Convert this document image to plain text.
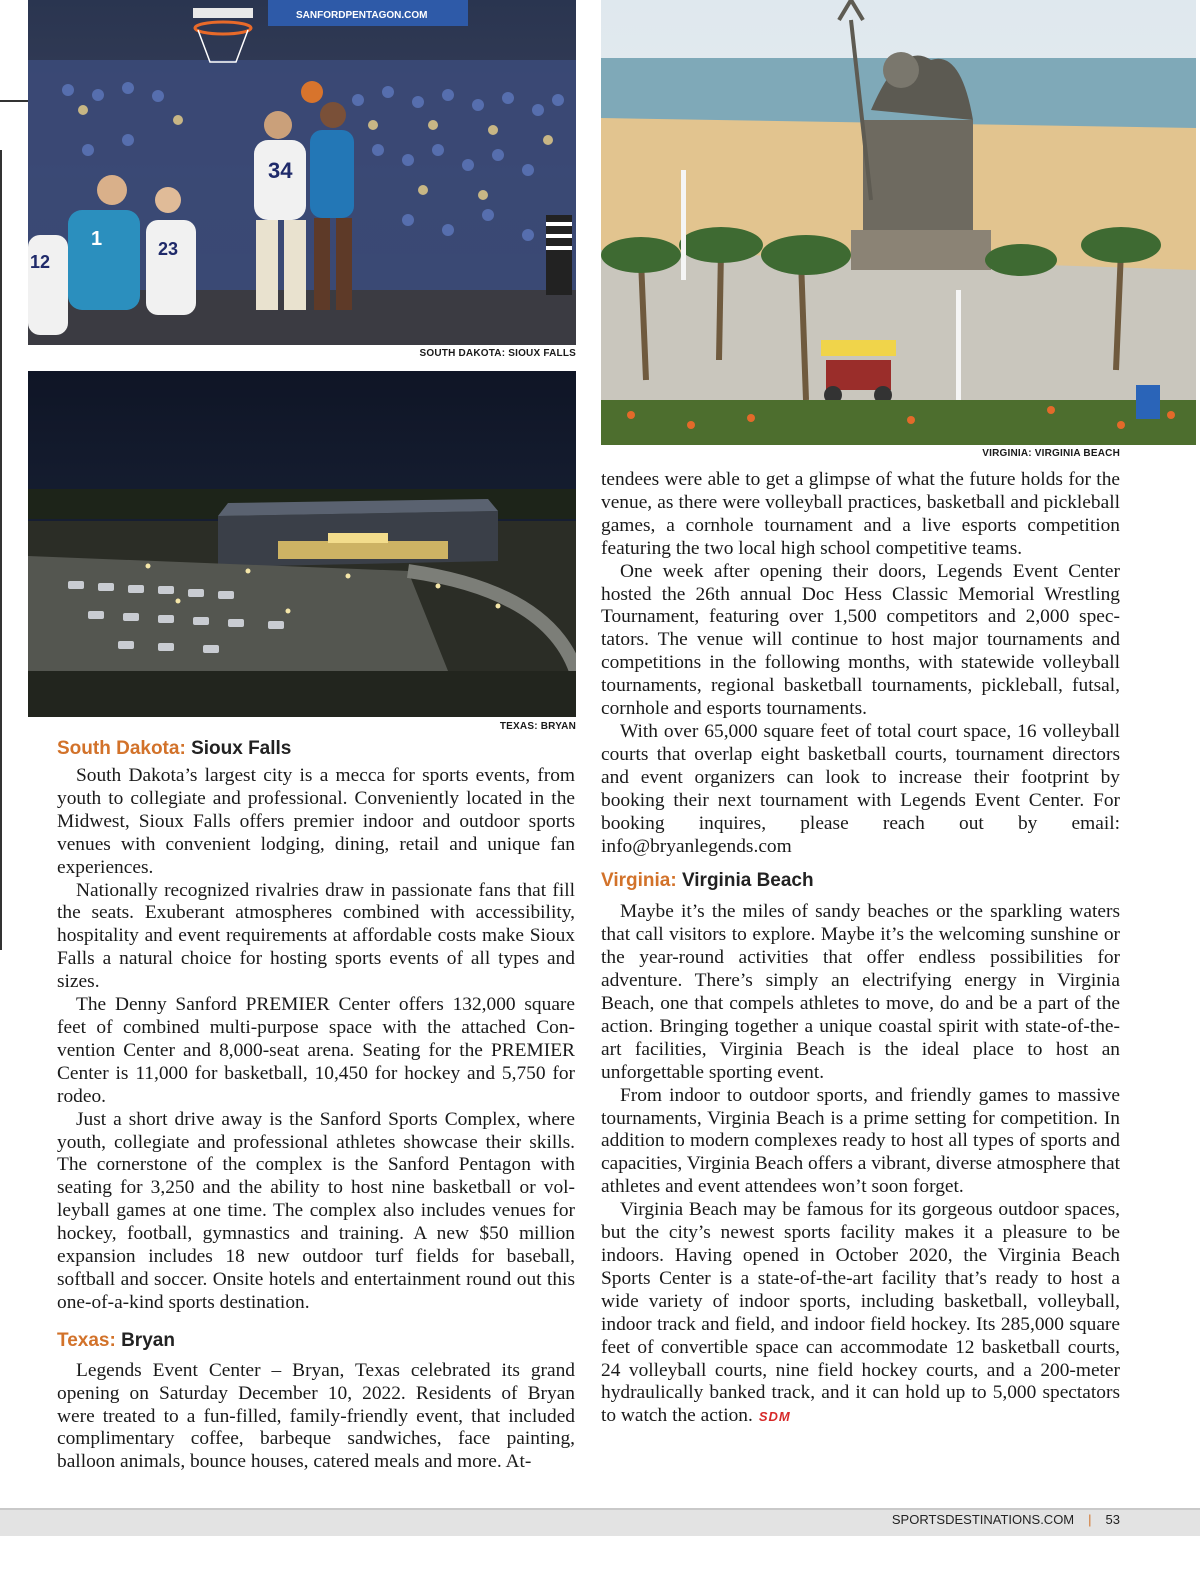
SANFORDPENTAGON.COM
34
1
12
23
SOUTH DAKOTA: SIOUX FALLS
TEXAS: BRYAN
VIRGINIA: VIRGINIA BEACH
South Dakota: Sioux Falls

South Dakota’s largest city is a mecca for sports events, from youth to collegiate and professional. Conveniently located in the Midwest, Sioux Falls offers premier indoor and outdoor sports venues with convenient lodging, dining, retail and unique fan experiences.

Nationally recognized rivalries draw in passionate fans that fill the seats. Exuberant atmospheres combined with accessibility, hospitality and event requirements at affordable costs make Sioux Falls a natural choice for hosting sports events of all types and sizes.

The Denny Sanford PREMIER Center offers 132,000 square feet of combined multi-purpose space with the attached Convention Center and 8,000-seat arena. Seating for the PREMIER Center is 11,000 for basketball, 10,450 for hockey and 5,750 for rodeo.

Just a short drive away is the Sanford Sports Complex, where youth, collegiate and professional athletes showcase their skills. The cornerstone of the complex is the Sanford Pentagon with seating for 3,250 and the ability to host nine basketball or volleyball games at one time. The complex also includes venues for hockey, football, gymnastics and training. A new $50 million expansion includes 18 new outdoor turf fields for baseball, softball and soccer. Onsite hotels and entertainment round out this one-of-a-kind sports destination.

Texas: Bryan

Legends Event Center – Bryan, Texas celebrated its grand opening on Saturday December 10, 2022. Residents of Bryan were treated to a fun-filled, family-friendly event, that included complimentary coffee, barbeque sandwiches, face painting, balloon animals, bounce houses, catered meals and more. At-

tendees were able to get a glimpse of what the future holds for the venue, as there were volleyball practices, basketball and pickleball games, a cornhole tournament and a live esports competition featuring the two local high school competitive teams.

One week after opening their doors, Legends Event Center hosted the 26th annual Doc Hess Classic Memorial Wrestling Tournament, featuring over 1,500 competitors and 2,000 spectators. The venue will continue to host major tournaments and competitions in the following months, with statewide volleyball tournaments, regional basketball tournaments, pickleball, futsal, cornhole and esports tournaments.

With over 65,000 square feet of total court space, 16 volleyball courts that overlap eight basketball courts, tournament directors and event organizers can look to increase their footprint by booking their next tournament with Legends Event Center. For booking inquires, please reach out by email: info@bryanlegends.com

Virginia: Virginia Beach

Maybe it’s the miles of sandy beaches or the sparkling waters that call visitors to explore. Maybe it’s the welcoming sunshine or the year-round activities that offer endless possibilities for adventure. There’s simply an electrifying energy in Virginia Beach, one that compels athletes to move, do and be a part of the action. Bringing together a unique coastal spirit with state-of-the-art facilities, Virginia Beach is the ideal place to host an unforgettable sporting event.

From indoor to outdoor sports, and friendly games to massive tournaments, Virginia Beach is a prime setting for competition. In addition to modern complexes ready to host all types of sports and capacities, Virginia Beach offers a vibrant, diverse atmosphere that athletes and event attendees won’t soon forget.

Virginia Beach may be famous for its gorgeous outdoor spaces, but the city’s newest sports facility makes it a pleasure to be indoors. Having opened in October 2020, the Virginia Beach Sports Center is a state-of-the-art facility that’s ready to host a wide variety of indoor sports, including basketball, volleyball, indoor track and field, and indoor field hockey. Its 285,000 square feet of convertible space can accommodate 12 basketball courts, 24 volleyball courts, nine field hockey courts, and a 200-meter hydraulically banked track, and it can hold up to 5,000 spectators to watch the action. SDM

SPORTSDESTINATIONS.COM | 53
